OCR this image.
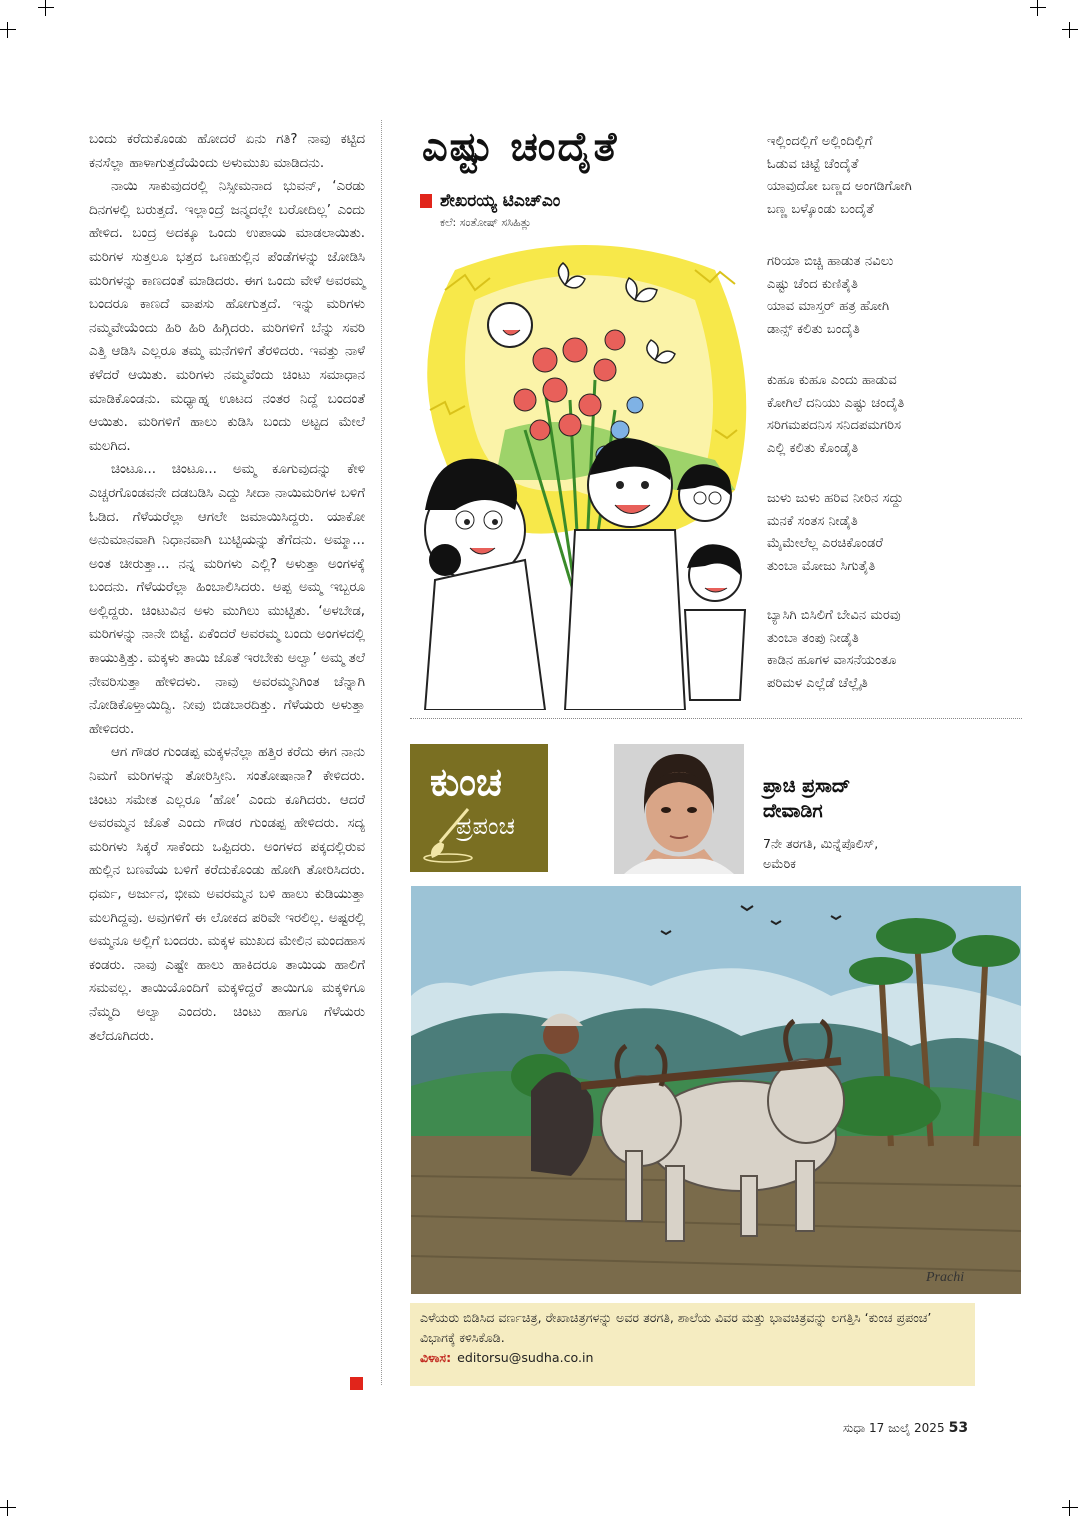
ಬಂದು ಕರೆದುಕೊಂಡು ಹೋದರೆ ಏನು ಗತಿ? ನಾವು ಕಟ್ಟಿದ ಕನಸೆಲ್ಲಾ ಹಾಳಾಗುತ್ತದೆಯೆಂದು ಅಳುಮುಖ ಮಾಡಿದನು.

ನಾಯಿ ಸಾಕುವುದರಲ್ಲಿ ನಿಸ್ಸೀಮನಾದ ಭುವನ್, ‘ಎರಡು ದಿನಗಳಲ್ಲಿ ಬರುತ್ತದೆ. ಇಲ್ಲಾಂದ್ರೆ ಜನ್ಮದಲ್ಲೇ ಬರೋದಿಲ್ಲ’ ಎಂದು ಹೇಳಿದ. ಬಂದ್ರ ಅದಕ್ಕೂ ಒಂದು ಉಪಾಯ ಮಾಡಲಾಯಿತು. ಮರಿಗಳ ಸುತ್ತಲೂ ಭತ್ತದ ಒಣಹುಲ್ಲಿನ ಪೆಂಡೆಗಳನ್ನು ಜೋಡಿಸಿ ಮರಿಗಳನ್ನು ಕಾಣದಂತೆ ಮಾಡಿದರು. ಈಗ ಒಂದು ವೇಳೆ ಅವರಮ್ಮ ಬಂದರೂ ಕಾಣದೆ ವಾಪಸು ಹೋಗುತ್ತದೆ. ಇನ್ನು ಮರಿಗಳು ನಮ್ಮವೇಯೆಂದು ಹಿರಿ ಹಿರಿ ಹಿಗ್ಗಿದರು. ಮರಿಗಳಿಗೆ ಬೆನ್ನು ಸವರಿ ಎತ್ತಿ ಆಡಿಸಿ ಎಲ್ಲರೂ ತಮ್ಮ ಮನೆಗಳಿಗೆ ತೆರಳಿದರು. ಇವತ್ತು ನಾಳೆ ಕಳೆದರೆ ಆಯಿತು. ಮರಿಗಳು ನಮ್ಮವೆಂದು ಚಿಂಟು ಸಮಾಧಾನ ಮಾಡಿಕೊಂಡನು. ಮಧ್ಯಾಹ್ನ ಊಟದ ನಂತರ ನಿದ್ದೆ ಬಂದಂತೆ ಆಯಿತು. ಮರಿಗಳಿಗೆ ಹಾಲು ಕುಡಿಸಿ ಬಂದು ಅಟ್ಟದ ಮೇಲೆ ಮಲಗಿದ.

ಚಿಂಟೂ... ಚಿಂಟೂ... ಅಮ್ಮ ಕೂಗುವುದನ್ನು ಕೇಳಿ ಎಚ್ಚರಗೊಂಡವನೇ ದಡಬಡಿಸಿ ಎದ್ದು ಸೀದಾ ನಾಯಿಮರಿಗಳ ಬಳಿಗೆ ಓಡಿದ. ಗೆಳೆಯರೆಲ್ಲಾ ಆಗಲೇ ಜಮಾಯಿಸಿದ್ದರು. ಯಾಕೋ ಅನುಮಾನವಾಗಿ ನಿಧಾನವಾಗಿ ಬುಟ್ಟಿಯನ್ನು ತೆಗೆದನು. ಅಮ್ಮಾ... ಅಂತ ಚೀರುತ್ತಾ... ನನ್ನ ಮರಿಗಳು ಎಲ್ಲಿ? ಅಳುತ್ತಾ ಅಂಗಳಕ್ಕೆ ಬಂದನು. ಗೆಳೆಯರೆಲ್ಲಾ ಹಿಂಬಾಲಿಸಿದರು. ಅಪ್ಪ ಅಮ್ಮ ಇಬ್ಬರೂ ಅಲ್ಲಿದ್ದರು. ಚಿಂಟುವಿನ ಅಳು ಮುಗಿಲು ಮುಟ್ಟಿತು. ‘ಅಳಬೇಡ, ಮರಿಗಳನ್ನು ನಾನೇ ಬಿಟ್ಟೆ. ಏಕೆಂದರೆ ಅವರಮ್ಮ ಬಂದು ಅಂಗಳದಲ್ಲಿ ಕಾಯುತ್ತಿತ್ತು. ಮಕ್ಕಳು ತಾಯಿ ಜೊತೆ ಇರಬೇಕು ಅಲ್ವಾ’ ಅಮ್ಮ ತಲೆ ನೇವರಿಸುತ್ತಾ ಹೇಳಿದಳು. ನಾವು ಅವರಮ್ಮನಿಗಿಂತ ಚೆನ್ನಾಗಿ ನೋಡಿಕೊಳ್ತಾಯಿದ್ವಿ. ನೀವು ಬಿಡಬಾರದಿತ್ತು. ಗೆಳೆಯರು ಅಳುತ್ತಾ ಹೇಳಿದರು.

ಆಗ ಗೌಡರ ಗುಂಡಪ್ಪ ಮಕ್ಕಳನೆಲ್ಲಾ ಹತ್ತಿರ ಕರೆದು ಈಗ ನಾನು ನಿಮಗೆ ಮರಿಗಳನ್ನು ತೋರಿಸ್ತೀನಿ. ಸಂತೋಷಾನಾ? ಕೇಳಿದರು. ಚಿಂಟು ಸಮೇತ ಎಲ್ಲರೂ ‘ಹೋ’ ಎಂದು ಕೂಗಿದರು. ಆದರೆ ಅವರಮ್ಮನ ಜೊತೆ ಎಂದು ಗೌಡರ ಗುಂಡಪ್ಪ ಹೇಳಿದರು. ಸದ್ಯ ಮರಿಗಳು ಸಿಕ್ಕರೆ ಸಾಕೆಂದು ಒಪ್ಪಿದರು. ಅಂಗಳದ ಪಕ್ಕದಲ್ಲಿರುವ ಹುಲ್ಲಿನ ಬಣವೆಯ ಬಳಿಗೆ ಕರೆದುಕೊಂಡು ಹೋಗಿ ತೋರಿಸಿದರು. ಧರ್ಮ, ಅರ್ಜುನ, ಭೀಮ ಅವರಮ್ಮನ ಬಳಿ ಹಾಲು ಕುಡಿಯುತ್ತಾ ಮಲಗಿದ್ದವು. ಅವುಗಳಿಗೆ ಈ ಲೋಕದ ಪರಿವೇ ಇರಲಿಲ್ಲ. ಅಷ್ಟರಲ್ಲಿ ಅಮ್ಮನೂ ಅಲ್ಲಿಗೆ ಬಂದರು. ಮಕ್ಕಳ ಮುಖದ ಮೇಲಿನ ಮಂದಹಾಸ ಕಂಡರು. ನಾವು ಎಷ್ಟೇ ಹಾಲು ಹಾಕಿದರೂ ತಾಯಿಯ ಹಾಲಿಗೆ ಸಮವಲ್ಲ. ತಾಯಿಯೊಂದಿಗೆ ಮಕ್ಕಳಿದ್ದರೆ ತಾಯಿಗೂ ಮಕ್ಕಳಿಗೂ ನೆಮ್ಮದಿ ಅಲ್ವಾ ಎಂದರು. ಚಿಂಟು ಹಾಗೂ ಗೆಳೆಯರು ತಲೆದೂಗಿದರು.

ಎಷ್ಟು ಚಂದೈತೆ
ಶೇಖರಯ್ಯ ಟಿಎಚ್‌ಎಂ
ಕಲೆ: ಸಂತೋಷ್ ಸಸಿಹಿತ್ಲು
ಇಲ್ಲಿಂದಲ್ಲಿಗೆ ಅಲ್ಲಿಂದಿಲ್ಲಿಗೆ
ಓಡುವ ಚಿಟ್ಟೆ ಚೆಂದೈತೆ
ಯಾವುದೋ ಬಣ್ಣದ ಅಂಗಡಿಗೋಗಿ
ಬಣ್ಣ ಬಳ್ಕೊಂಡು ಬಂದೈತೆ
ಗರಿಯಾ ಬಿಚ್ಚಿ ಹಾಡುತ ನವಿಲು
ಎಷ್ಟು ಚೆಂದ ಕುಣಿತೈತಿ
ಯಾವ ಮಾಸ್ತರ್ ಹತ್ರ ಹೋಗಿ
ಡಾನ್ಸ್ ಕಲಿತು ಬಂದೈತಿ
ಕುಹೂ ಕುಹೂ ಎಂದು ಹಾಡುವ
ಕೋಗಿಲೆ ದನಿಯು ಎಷ್ಟು ಚಂದೈತಿ
ಸರಿಗಮಪದನಿಸ ಸನಿದಪಮಗರಿಸ
ಎಲ್ಲಿ ಕಲಿತು ಕೊಂಡೈತಿ
ಜುಳು ಜುಳು ಹರಿವ ನೀರಿನ ಸದ್ದು
ಮನಕೆ ಸಂತಸ ನೀಡೈತಿ
ಮೈಮೇಲೆಲ್ಲ ಎರಚಿಕೊಂಡರೆ
ತುಂಬಾ ಮೋಜು ಸಿಗುತೈತಿ
ಬ್ಯಾಸಿಗಿ ಬಿಸಿಲಿಗೆ ಬೇವಿನ ಮರವು
ತುಂಬಾ ತಂಪು ನೀಡೈತಿ
ಕಾಡಿನ ಹೂಗಳ ವಾಸನೆಯಂತೂ
ಪರಿಮಳ ಎಲ್ಲೆಡೆ ಚೆಲ್ಲೈತಿ
ಕುಂಚ
ಪ್ರಪಂಚ
ಪ್ರಾಚಿ ಪ್ರಸಾದ್
ದೇವಾಡಿಗ
7ನೇ ತರಗತಿ, ಮಿನ್ನೆಪೊಲಿಸ್,
ಅಮೆರಿಕ
Prachi
ಎಳೆಯರು ಬಿಡಿಸಿದ ವರ್ಣಚಿತ್ರ, ರೇಖಾಚಿತ್ರಗಳನ್ನು ಅವರ ತರಗತಿ, ಶಾಲೆಯ ವಿವರ ಮತ್ತು ಭಾವಚಿತ್ರವನ್ನು ಲಗತ್ತಿಸಿ ‘ಕುಂಚ ಪ್ರಪಂಚ’ ವಿಭಾಗಕ್ಕೆ ಕಳಿಸಿಕೊಡಿ.
ವಿಳಾಸ: editorsu@sudha.co.in
ಸುಧಾ 17 ಜುಲೈ 2025 53
